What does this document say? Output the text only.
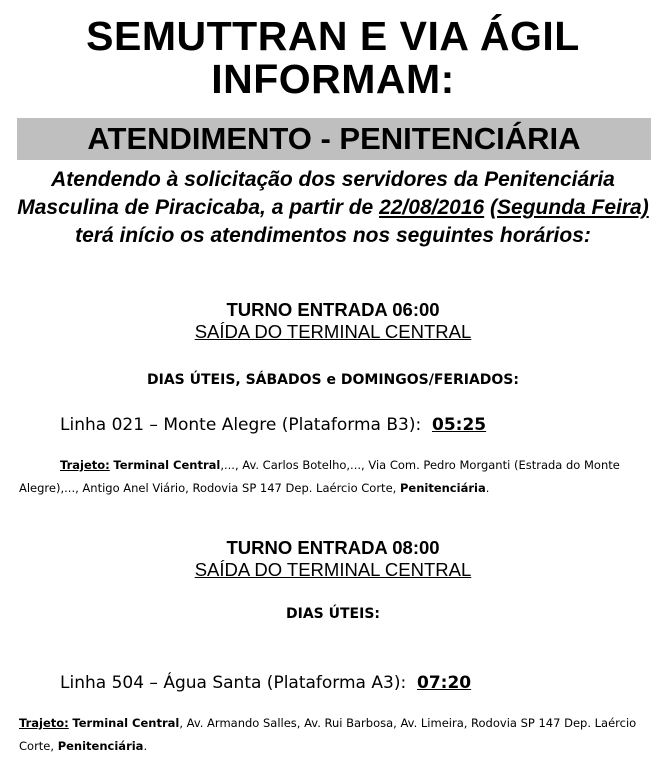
SEMUTTRAN E VIA ÁGIL
INFORMAM:
ATENDIMENTO - PENITENCIÁRIA
Atendendo à solicitação dos servidores da Penitenciária Masculina de Piracicaba, a partir de 22/08/2016 (Segunda Feira) terá início os atendimentos nos seguintes horários:
TURNO ENTRADA 06:00
SAÍDA DO TERMINAL CENTRAL
DIAS ÚTEIS, SÁBADOS e DOMINGOS/FERIADOS:
Linha 021 – Monte Alegre (Plataforma B3): 05:25
Trajeto: Terminal Central,..., Av. Carlos Botelho,..., Via Com. Pedro Morganti (Estrada do Monte Alegre),..., Antigo Anel Viário, Rodovia SP 147 Dep. Laércio Corte, Penitenciária.
TURNO ENTRADA 08:00
SAÍDA DO TERMINAL CENTRAL
DIAS ÚTEIS:
Linha 504 – Água Santa (Plataforma A3): 07:20
Trajeto: Terminal Central, Av. Armando Salles, Av. Rui Barbosa, Av. Limeira, Rodovia SP 147 Dep. Laércio Corte, Penitenciária.
